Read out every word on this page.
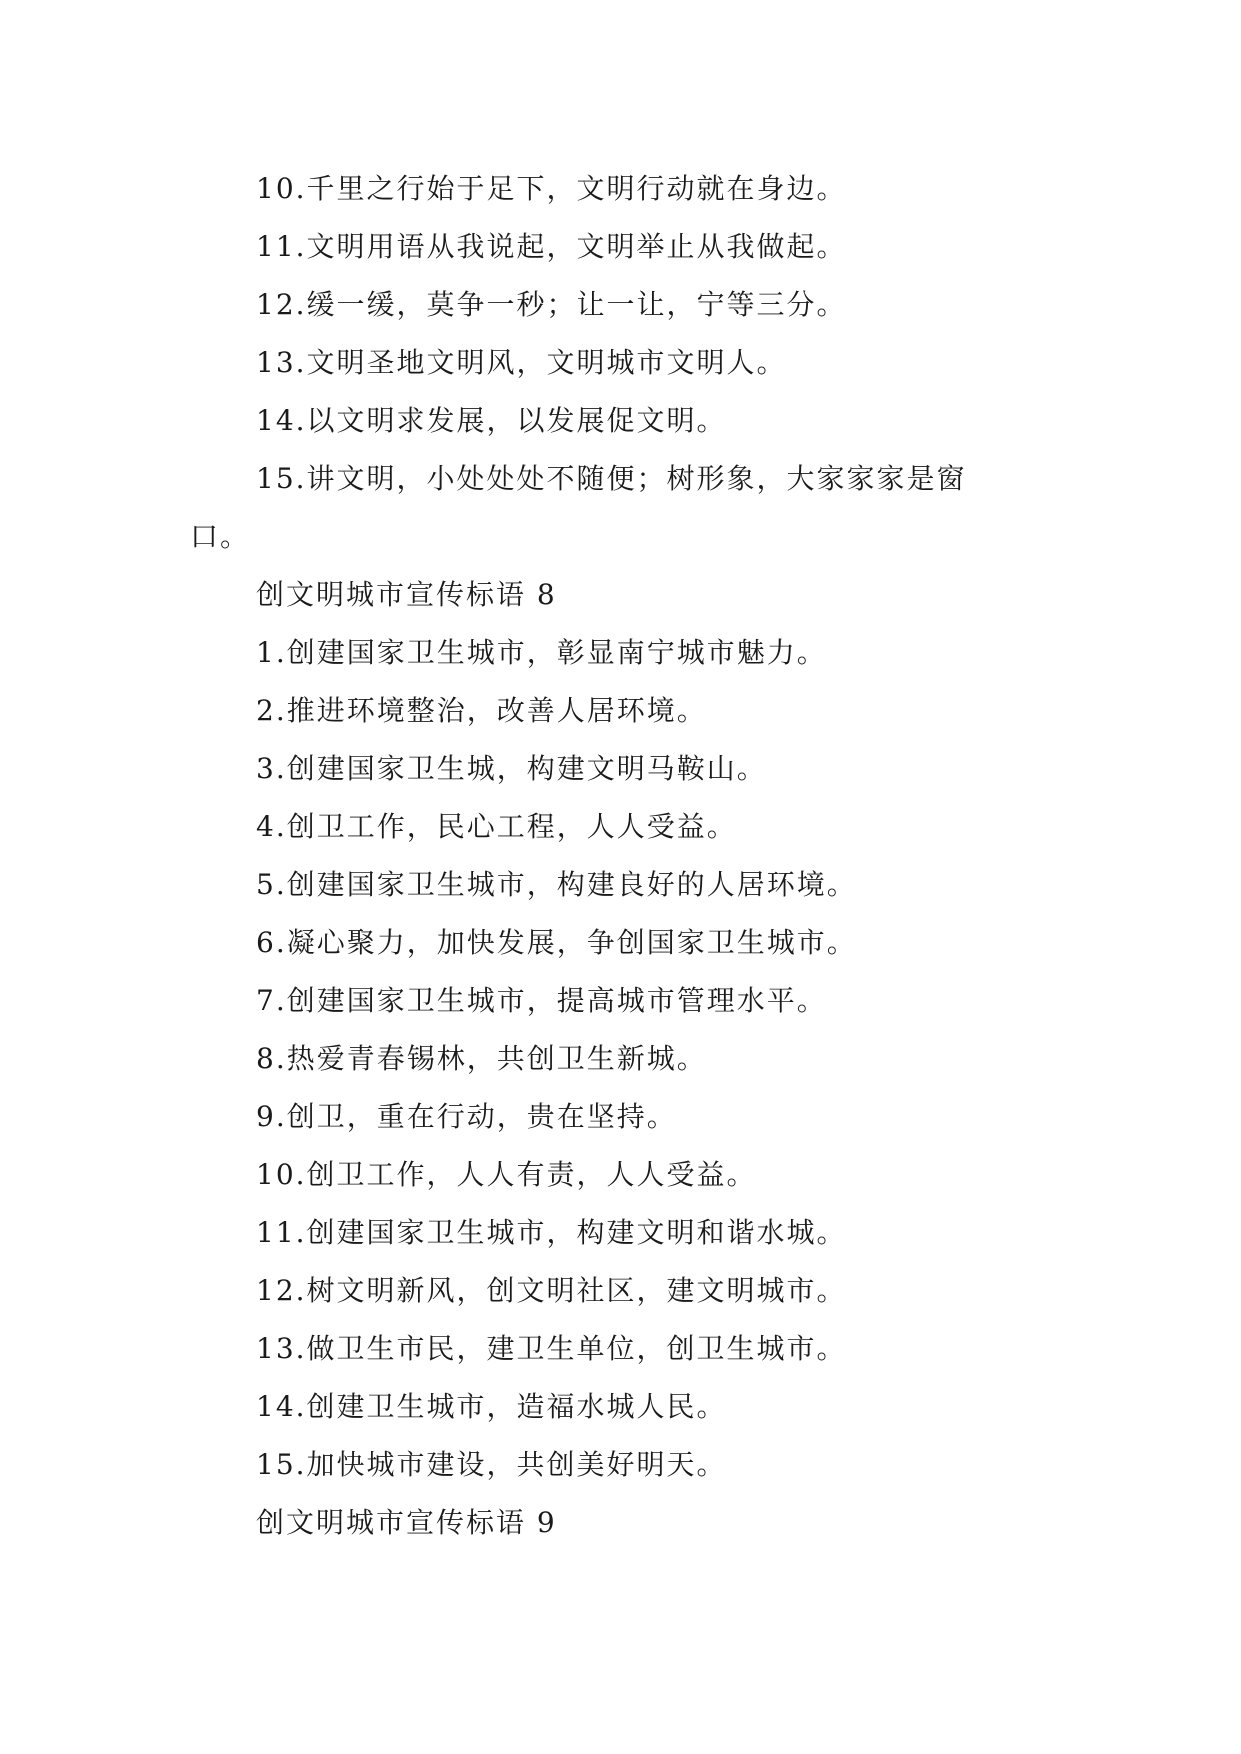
10.千里之行始于足下，文明行动就在身边。
11.文明用语从我说起，文明举止从我做起。
12.缓一缓，莫争一秒；让一让，宁等三分。
13.文明圣地文明风，文明城市文明人。
14.以文明求发展，以发展促文明。
15.讲文明，小处处处不随便；树形象，大家家家是窗
口。
创文明城市宣传标语 8
1.创建国家卫生城市，彰显南宁城市魅力。
2.推进环境整治，改善人居环境。
3.创建国家卫生城，构建文明马鞍山。
4.创卫工作，民心工程，人人受益。
5.创建国家卫生城市，构建良好的人居环境。
6.凝心聚力，加快发展，争创国家卫生城市。
7.创建国家卫生城市，提高城市管理水平。
8.热爱青春锡林，共创卫生新城。
9.创卫，重在行动，贵在坚持。
10.创卫工作，人人有责，人人受益。
11.创建国家卫生城市，构建文明和谐水城。
12.树文明新风，创文明社区，建文明城市。
13.做卫生市民，建卫生单位，创卫生城市。
14.创建卫生城市，造福水城人民。
15.加快城市建设，共创美好明天。
创文明城市宣传标语 9
